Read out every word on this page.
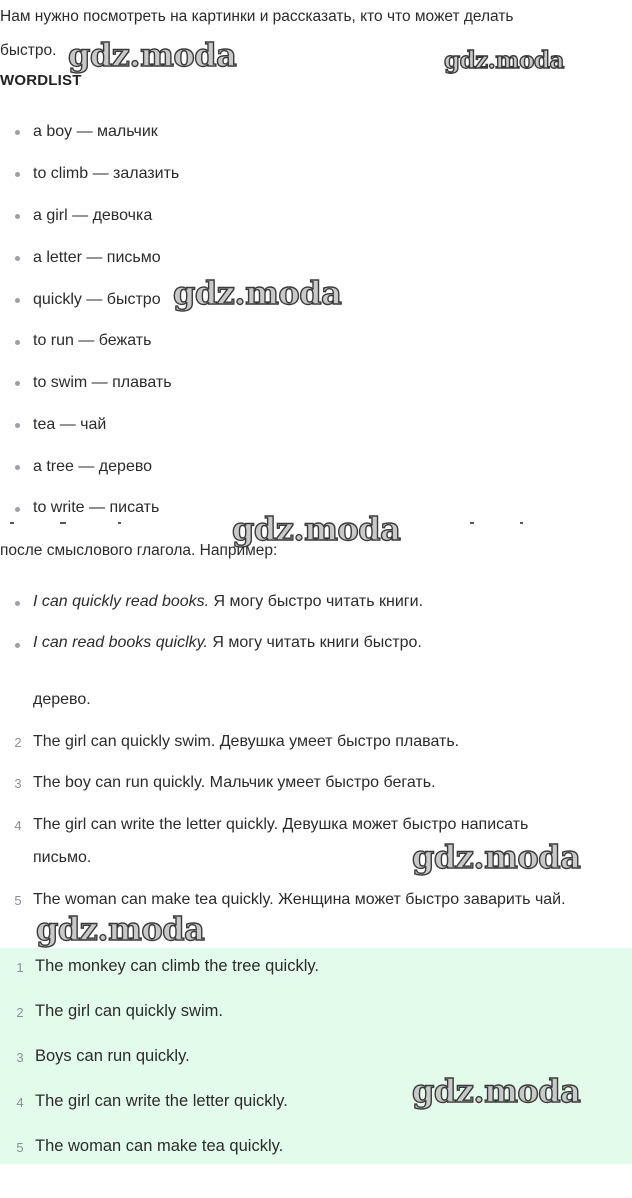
Нам нужно посмотреть на картинки и рассказать, кто что может делать
быстро.
WORDLIST
a boy — мальчик
to climb — залазить
a girl — девочка
a letter — письмо
quickly — быстро
to run — бежать
to swim — плавать
tea — чай
a tree — дерево
to write — писать
после смыслового глагола. Например:
I can quickly read books. Я могу быстро читать книги.
I can read books quiclky. Я могу читать книги быстро.
дерево.
2 The girl can quickly swim. Девушка умеет быстро плавать.
3 The boy can run quickly. Мальчик умеет быстро бегать.
4 The girl can write the letter quickly. Девушка может быстро написать
письмо.
5 The woman can make tea quickly. Женщина может быстро заварить чай.
1 The monkey can climb the tree quickly.
2 The girl can quickly swim.
3 Boys can run quickly.
4 The girl can write the letter quickly.
5 The woman can make tea quickly.
gdz.moda	gdz.moda
gdz.moda
gdz.moda
gdz.moda
gdz.moda
gdz.moda
